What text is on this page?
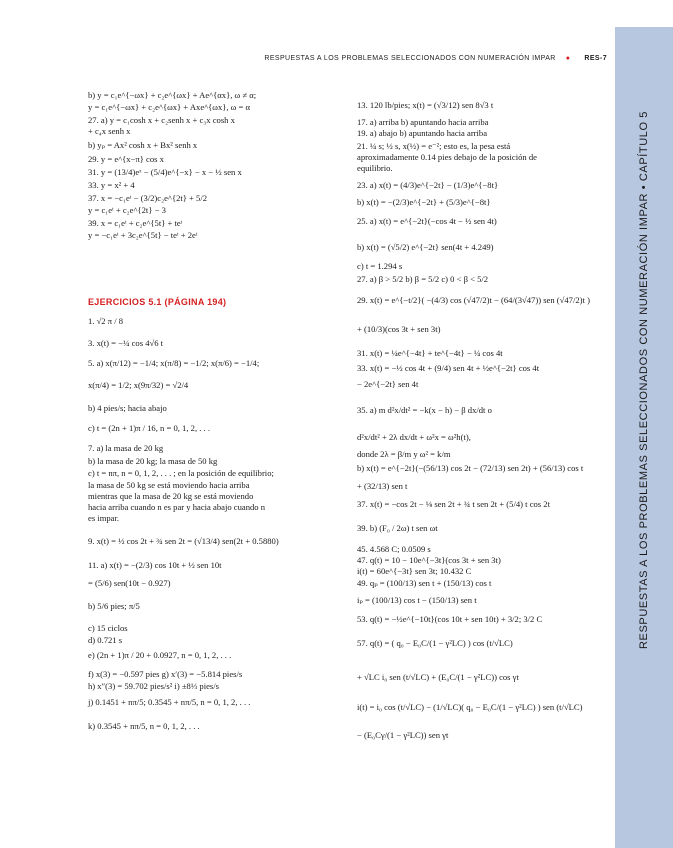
RESPUESTAS A LOS PROBLEMAS SELECCIONADOS CON NUMERACIÓN IMPAR ● RES-7
RESPUESTAS A LOS PROBLEMAS SELECCIONADOS CON NUMERACIÓN IMPAR • CAPÍTULO 5
b) y = c₁e^{−ωx} + c₂e^{ωx} + Ae^{αx}, ω ≠ α;
y = c₁e^{−ωx} + c₂e^{ωx} + Axe^{ωx}, ω = α
27. a) y = c₁cosh x + c₂senh x + c₃x cosh x
+ c₄x senh x
b) yₚ = Ax² cosh x + Bx² senh x
29. y = e^{x−π} cos x
31. y = (13/4)eˣ − (5/4)e^{−x} − x − ½ sen x
33. y = x² + 4
37. x = −c₁eᵗ − (3/2)c₂e^{2t} + 5/2
y = c₁eᵗ + c₂e^{2t} − 3
39. x = c₁eᵗ + c₂e^{5t} + teᵗ
y = −c₁eᵗ + 3c₂e^{5t} − teᵗ + 2eᵗ
EJERCICIOS 5.1 (PÁGINA 194)
1. √2 π / 8
3. x(t) = −¼ cos 4√6 t
5. a) x(π/12) = −1/4; x(π/8) = −1/2; x(π/6) = −1/4;
x(π/4) = 1/2; x(9π/32) = √2/4
b) 4 pies/s; hacia abajo
c) t = (2n + 1)π / 16, n = 0, 1, 2, . . .
7. a) la masa de 20 kg
b) la masa de 20 kg; la masa de 50 kg
c) t = nπ, n = 0, 1, 2, . . . ; en la posición de equilibrio;
la masa de 50 kg se está moviendo hacia arriba
mientras que la masa de 20 kg se está moviendo
hacia arriba cuando n es par y hacia abajo cuando n
es impar.
9. x(t) = ½ cos 2t + ¾ sen 2t = (√13/4) sen(2t + 0.5880)
11. a) x(t) = −(2/3) cos 10t + ½ sen 10t
= (5/6) sen(10t − 0.927)
b) 5/6 pies; π/5
c) 15 ciclos
d) 0.721 s
e) (2n + 1)π / 20 + 0.0927, n = 0, 1, 2, . . .
f) x(3) = −0.597 pies g) x′(3) = −5.814 pies/s
h) x″(3) = 59.702 pies/s² i) ±8⅓ pies/s
j) 0.1451 + nπ/5; 0.3545 + nπ/5, n = 0, 1, 2, . . .
k) 0.3545 + nπ/5, n = 0, 1, 2, . . .
13. 120 lb/pies; x(t) = (√3/12) sen 8√3 t
17. a) arriba b) apuntando hacia arriba
19. a) abajo b) apuntando hacia arriba
21. ¼ s; ½ s, x(½) = e⁻²; esto es, la pesa está
aproximadamente 0.14 pies debajo de la posición de
equilibrio.
23. a) x(t) = (4/3)e^{−2t} − (1/3)e^{−8t}
b) x(t) = −(2/3)e^{−2t} + (5/3)e^{−8t}
25. a) x(t) = e^{−2t}(−cos 4t − ½ sen 4t)
b) x(t) = (√5/2) e^{−2t} sen(4t + 4.249)
c) t = 1.294 s
27. a) β > 5/2 b) β = 5/2 c) 0 < β < 5/2
29. x(t) = e^{−t/2}( −(4/3) cos (√47/2)t − (64/(3√47)) sen (√47/2)t )
+ (10/3)(cos 3t + sen 3t)
31. x(t) = ¼e^{−4t} + te^{−4t} − ¼ cos 4t
33. x(t) = −½ cos 4t + (9/4) sen 4t + ½e^{−2t} cos 4t
− 2e^{−2t} sen 4t
35. a) m d²x/dt² = −k(x − h) − β dx/dt o
d²x/dt² + 2λ dx/dt + ω²x = ω²h(t),
donde 2λ = β/m y ω² = k/m
b) x(t) = e^{−2t}(−(56/13) cos 2t − (72/13) sen 2t) + (56/13) cos t
+ (32/13) sen t
37. x(t) = −cos 2t − ⅛ sen 2t + ¾ t sen 2t + (5/4) t cos 2t
39. b) (F₀ / 2ω) t sen ωt
45. 4.568 C; 0.0509 s
47. q(t) = 10 − 10e^{−3t}(cos 3t + sen 3t)
i(t) = 60e^{−3t} sen 3t; 10.432 C
49. qₚ = (100/13) sen t + (150/13) cos t
iₚ = (100/13) cos t − (150/13) sen t
53. q(t) = −½e^{−10t}(cos 10t + sen 10t) + 3/2; 3/2 C
57. q(t) = ( q₀ − E₀C/(1 − γ²LC) ) cos (t/√LC)
+ √LC i₀ sen (t/√LC) + (E₀C/(1 − γ²LC)) cos γt
i(t) = i₀ cos (t/√LC) − (1/√LC)( q₀ − E₀C/(1 − γ²LC) ) sen (t/√LC)
− (E₀Cγ/(1 − γ²LC)) sen γt
